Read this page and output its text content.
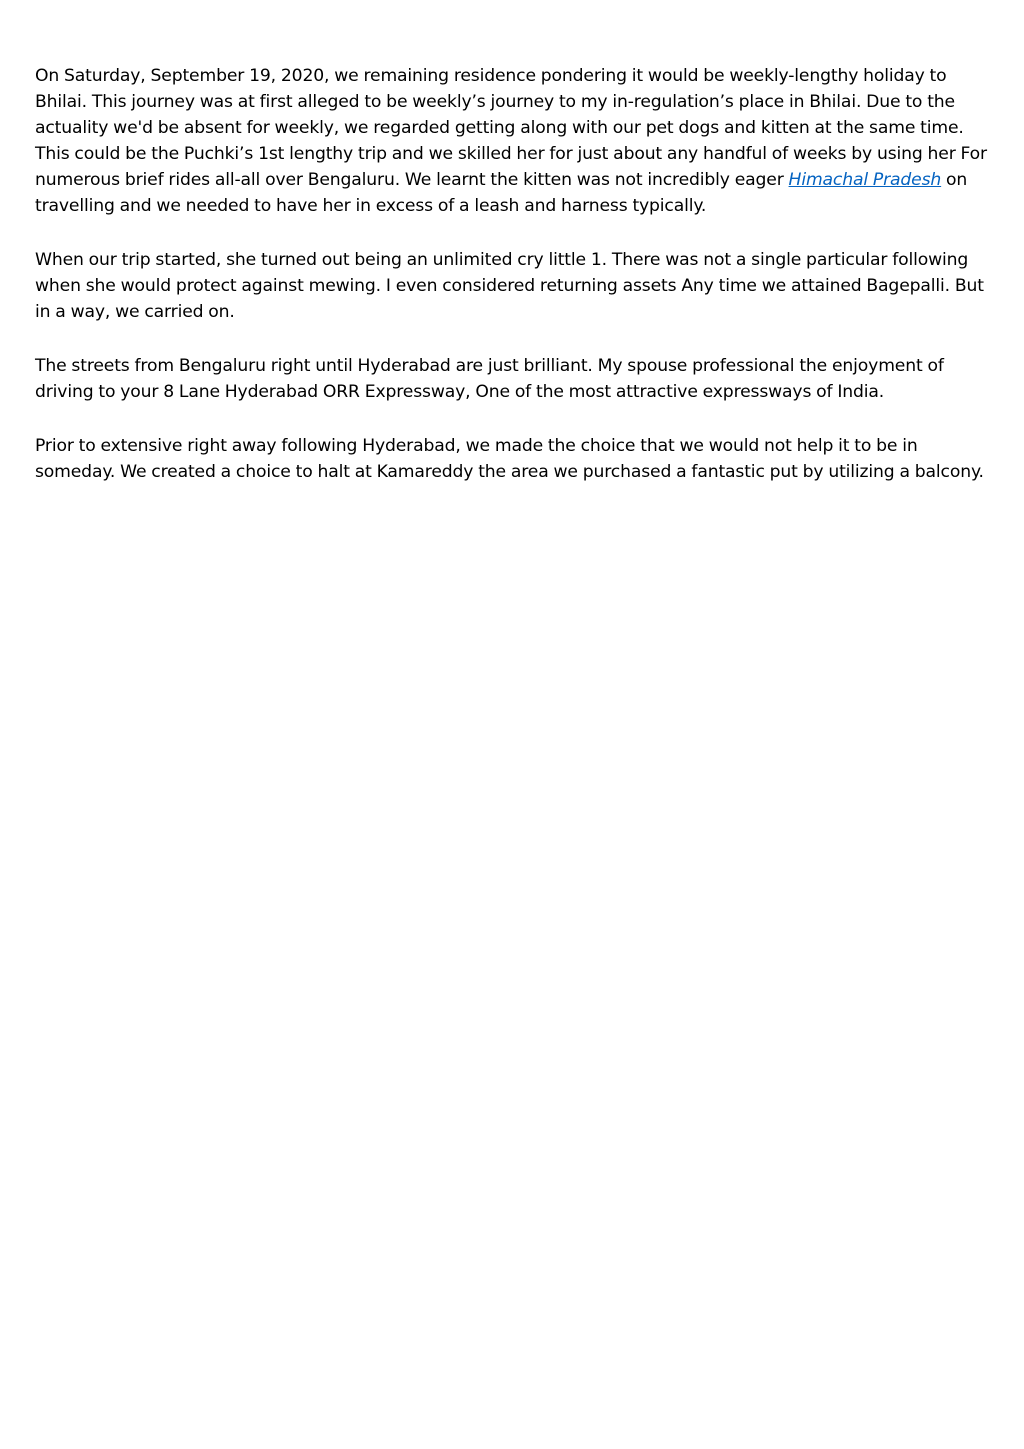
On Saturday, September 19, 2020, we remaining residence pondering it would be weekly-lengthy holiday to Bhilai. This journey was at first alleged to be weekly’s journey to my in-regulation’s place in Bhilai. Due to the actuality we'd be absent for weekly, we regarded getting along with our pet dogs and kitten at the same time. This could be the Puchki’s 1st lengthy trip and we skilled her for just about any handful of weeks by using her For numerous brief rides all-all over Bengaluru. We learnt the kitten was not incredibly eager Himachal Pradesh on travelling and we needed to have her in excess of a leash and harness typically.

When our trip started, she turned out being an unlimited cry little 1. There was not a single particular following when she would protect against mewing. I even considered returning assets Any time we attained Bagepalli. But in a way, we carried on.

The streets from Bengaluru right until Hyderabad are just brilliant. My spouse professional the enjoyment of driving to your 8 Lane Hyderabad ORR Expressway, One of the most attractive expressways of India.

Prior to extensive right away following Hyderabad, we made the choice that we would not help it to be in someday. We created a choice to halt at Kamareddy the area we purchased a fantastic put by utilizing a balcony.
